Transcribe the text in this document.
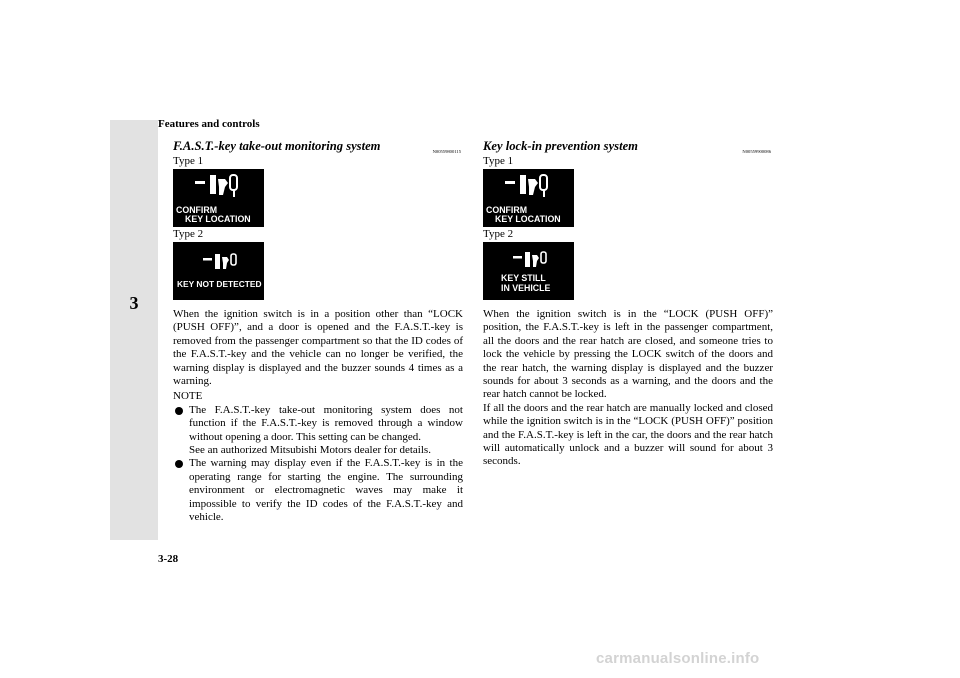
Features and controls
3
F.A.S.T.-key take-out monitoring system	N00559800115
Type 1
CONFIRM
KEY LOCATION
Type 2
KEY NOT DETECTED

When the ignition switch is in a position other than “LOCK (PUSH OFF)”, and a door is opened and the F.A.S.T.-key is removed from the passenger compartment so that the ID codes of the F.A.S.T.-key and the vehicle can no longer be verified, the warning display is displayed and the buzzer sounds 4 times as a warning.

NOTE
The F.A.S.T.-key take-out monitoring system does not function if the F.A.S.T.-key is removed through a window without opening a door. This setting can be changed.
See an authorized Mitsubishi Motors dealer for details.
The warning may display even if the F.A.S.T.-key is in the operating range for starting the engine. The surrounding environment or electromagnetic waves may make it impossible to verify the ID codes of the F.A.S.T.-key and vehicle.
Key lock-in prevention system	N00559900086
Type 1
CONFIRM
KEY LOCATION
Type 2
KEY STILL
IN VEHICLE

When the ignition switch is in the “LOCK (PUSH OFF)” position, the F.A.S.T.-key is left in the passenger compartment, all the doors and the rear hatch are closed, and someone tries to lock the vehicle by pressing the LOCK switch of the doors and the rear hatch, the warning display is displayed and the buzzer sounds for about 3 seconds as a warning, and the doors and the rear hatch cannot be locked.

If all the doors and the rear hatch are manually locked and closed while the ignition switch is in the “LOCK (PUSH OFF)” position and the F.A.S.T.-key is left in the car, the doors and the rear hatch will automatically unlock and a buzzer will sound for about 3 seconds.

3-28
carmanualsonline.info
